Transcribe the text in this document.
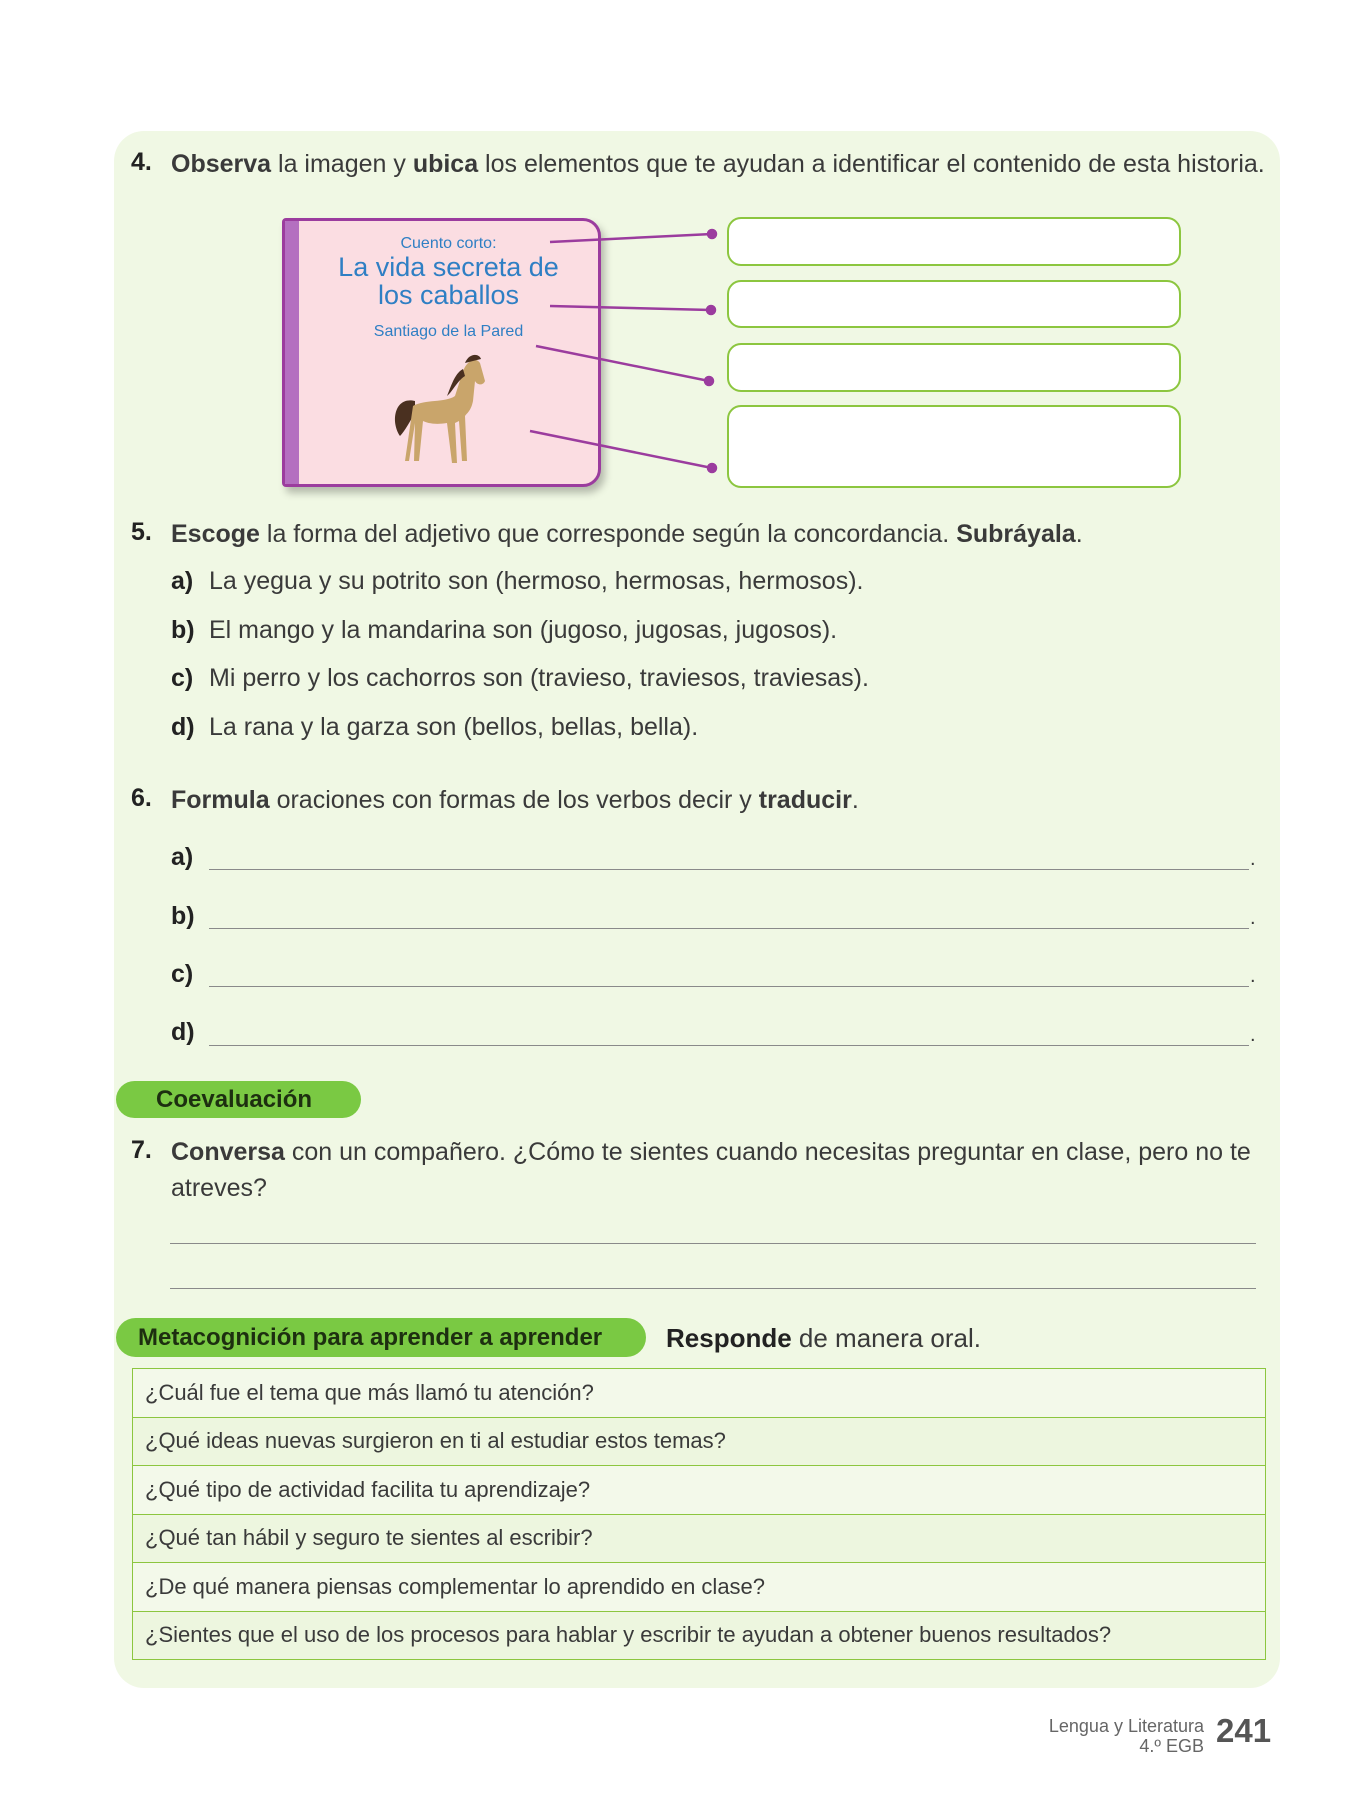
4. Observa la imagen y ubica los elementos que te ayudan a identificar el contenido de esta historia.
Cuento corto:
La vida secreta de
los caballos
Santiago de la Pared
5. Escoge la forma del adjetivo que corresponde según la concordancia. Subráyala.
a) La yegua y su potrito son (hermoso, hermosas, hermosos).
b) El mango y la mandarina son (jugoso, jugosas, jugosos).
c) Mi perro y los cachorros son (travieso, traviesos, traviesas).
d) La rana y la garza son (bellos, bellas, bella).
6. Formula oraciones con formas de los verbos decir y traducir.
a)	.
b)	.
c)	.
d)	.
Coevaluación
7. Conversa con un compañero. ¿Cómo te sientes cuando necesitas preguntar en clase, pero no te atreves?
Metacognición para aprender a aprender	Responde de manera oral.
¿Cuál fue el tema que más llamó tu atención?
¿Qué ideas nuevas surgieron en ti al estudiar estos temas?
¿Qué tipo de actividad facilita tu aprendizaje?
¿Qué tan hábil y seguro te sientes al escribir?
¿De qué manera piensas complementar lo aprendido en clase?
¿Sientes que el uso de los procesos para hablar y escribir te ayudan a obtener buenos resultados?
Lengua y Literatura
4.º EGB 241
